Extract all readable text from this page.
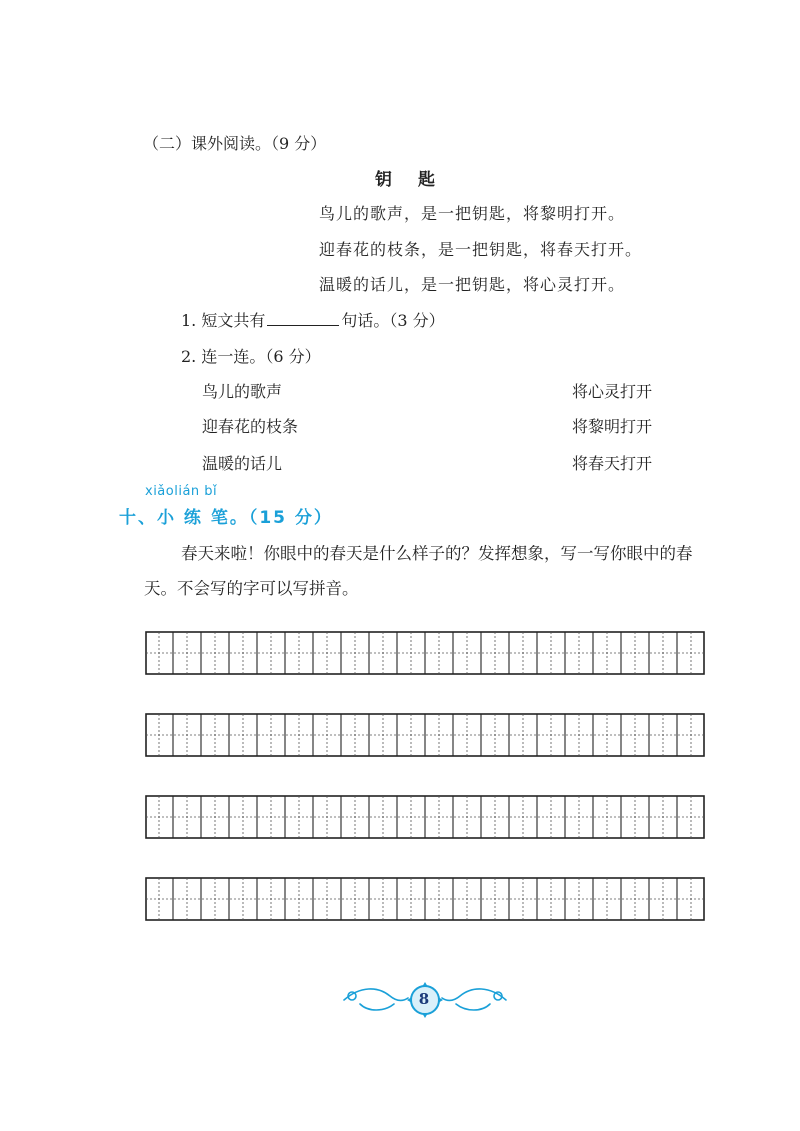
（二）课外阅读。（9 分）
钥 匙
鸟儿的歌声，是一把钥匙，将黎明打开。
迎春花的枝条，是一把钥匙，将春天打开。
温暖的话儿，是一把钥匙，将心灵打开。
1. 短文共有	句话。（3 分）
2. 连一连。（6 分）
鸟儿的歌声
迎春花的枝条
温暖的话儿
将心灵打开
将黎明打开
将春天打开
xiǎolián bǐ
十、小 练 笔。（15 分）
春天来啦！你眼中的春天是什么样子的？发挥想象，写一写你眼中的春
天。不会写的字可以写拼音。
8
